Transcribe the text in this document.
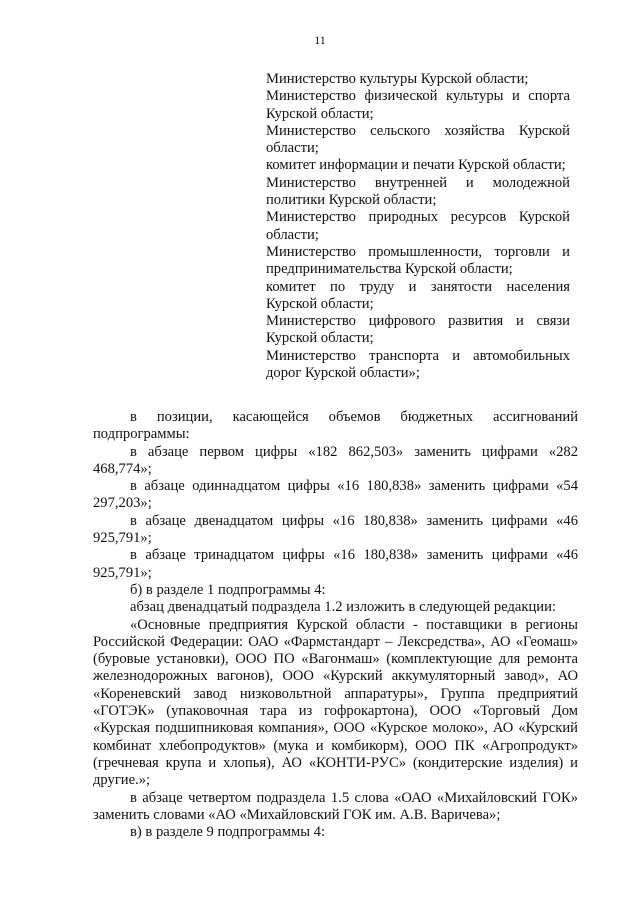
11

Министерство культуры Курской области;

Министерство физической культуры и спорта Курской области;

Министерство сельского хозяйства Курской области;

комитет информации и печати Курской области;

Министерство внутренней и молодежной политики Курской области;

Министерство природных ресурсов Курской области;

Министерство промышленности, торговли и предпринимательства Курской области;

комитет по труду и занятости населения Курской области;

Министерство цифрового развития и связи Курской области;

Министерство транспорта и автомобильных дорог Курской области»;

в позиции, касающейся объемов бюджетных ассигнований подпрограммы:

в абзаце первом цифры «182 862,503» заменить цифрами «282 468,774»;

в абзаце одиннадцатом цифры «16 180,838» заменить цифрами «54 297,203»;

в абзаце двенадцатом цифры «16 180,838» заменить цифрами «46 925,791»;

в абзаце тринадцатом цифры «16 180,838» заменить цифрами «46 925,791»;

б) в разделе 1 подпрограммы 4:

абзац двенадцатый подраздела 1.2 изложить в следующей редакции:

«Основные предприятия Курской области - поставщики в регионы Российской Федерации: ОАО «Фармстандарт – Лексредства», АО «Геомаш» (буровые установки), ООО ПО «Вагонмаш» (комплектующие для ремонта железнодорожных вагонов), ООО «Курский аккумуляторный завод», АО «Кореневский завод низковольтной аппаратуры», Группа предприятий «ГОТЭК» (упаковочная тара из гофрокартона), ООО «Торговый Дом «Курская подшипниковая компания», ООО «Курское молоко», АО «Курский комбинат хлебопродуктов» (мука и комбикорм), ООО ПК «Агропродукт» (гречневая крупа и хлопья), АО «КОНТИ-РУС» (кондитерские изделия) и другие.»;

в абзаце четвертом подраздела 1.5 слова «ОАО «Михайловский ГОК» заменить словами «АО «Михайловский ГОК им. А.В. Варичева»;

в) в разделе 9 подпрограммы 4:
